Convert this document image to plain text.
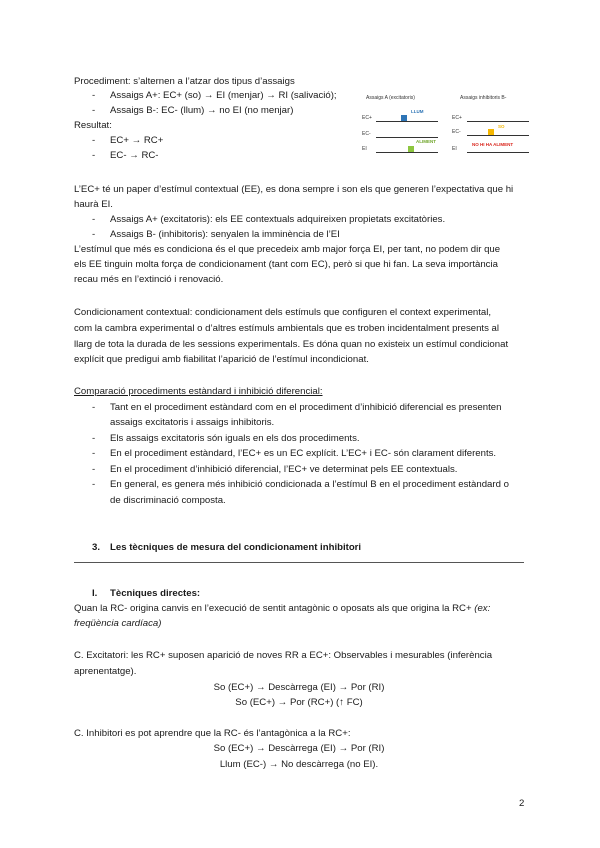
Procediment: s’alternen a l’atzar dos tipus d’assaigs
- Assaigs A+: EC+ (so) → EI (menjar) → RI (salivació);
- Assaigs B-: EC- (llum) → no EI (no menjar)
Resultat:
- EC+ → RC+
- EC- → RC-
Assaigs A (excitatoris)	Assaigs inhibitoris B-
EC+
EC-
EI
LLUM
ALIMENT
EC+
EC-
EI
SO
NO HI HA ALIMENT
L’EC+ té un paper d’estímul contextual (EE), es dona sempre i son els que generen l’expectativa que hi
haurà EI.
- Assaigs A+ (excitatoris): els EE contextuals adquireixen propietats excitatòries.
- Assaigs B- (inhibitoris): senyalen la imminència de l’EI
L’estímul que més es condiciona és el que precedeix amb major força EI, per tant, no podem dir que
els EE tinguin molta força de condicionament (tant com EC), però si que hi fan. La seva importància
recau més en l’extinció i renovació.
Condicionament contextual: condicionament dels estímuls que configuren el context experimental,
com la cambra experimental o d’altres estímuls ambientals que es troben incidentalment presents al
llarg de tota la durada de les sessions experimentals. Es dóna quan no existeix un estímul condicionat
explícit que predigui amb fiabilitat l’aparició de l’estímul incondicionat.
Comparació procediments estàndard i inhibició diferencial:
- Tant en el procediment estàndard com en el procediment d’inhibició diferencial es presenten
assaigs excitatoris i assaigs inhibitoris.
- Els assaigs excitatoris són iguals en els dos procediments.
- En el procediment estàndard, l’EC+ es un EC explícit. L’EC+ i EC- són clarament diferents.
- En el procediment d’inhibició diferencial, l’EC+ ve determinat pels EE contextuals.
- En general, es genera més inhibició condicionada a l’estímul B en el procediment estàndard o
de discriminació composta.
3. Les tècniques de mesura del condicionament inhibitori
I. Tècniques directes:
Quan la RC- origina canvis en l’execució de sentit antagònic o oposats als que origina la RC+ (ex:
freqüència cardíaca)
C. Excitatori: les RC+ suposen aparició de noves RR a EC+: Observables i mesurables (inferència
aprenentatge).
So (EC+) → Descàrrega (EI) → Por (RI)
So (EC+) → Por (RC+) (↑ FC)
C. Inhibitori es pot aprendre que la RC- és l’antagònica a la RC+:
So (EC+) → Descàrrega (EI) → Por (RI)
Llum (EC-) → No descàrrega (no EI).
2
